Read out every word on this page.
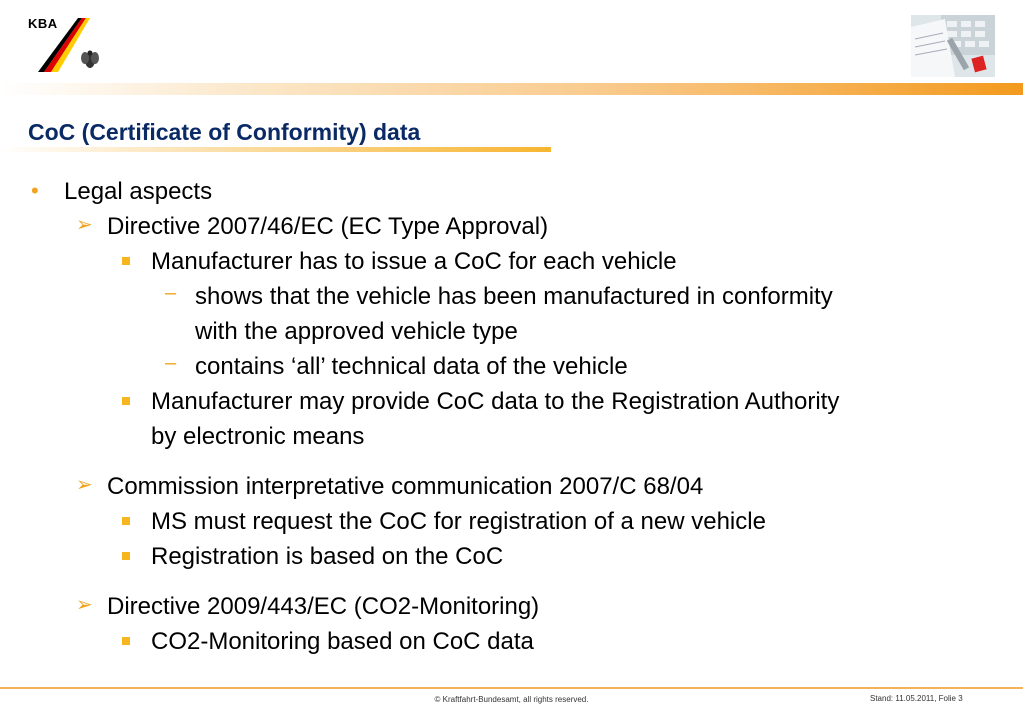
KBA
CoC (Certificate of Conformity) data
• Legal aspects
➢ Directive 2007/46/EC (EC Type Approval)
Manufacturer has to issue a CoC for each vehicle
– shows that the vehicle has been manufactured in conformity
with the approved vehicle type
– contains ‘all’ technical data of the vehicle
Manufacturer may provide CoC data to the Registration Authority
by electronic means
➢ Commission interpretative communication 2007/C 68/04
MS must request the CoC for registration of a new vehicle
Registration is based on the CoC
➢ Directive 2009/443/EC (CO2-Monitoring)
CO2-Monitoring based on CoC data
© Kraftfahrt-Bundesamt, all rights reserved.	Stand: 11.05.2011, Folie 3
